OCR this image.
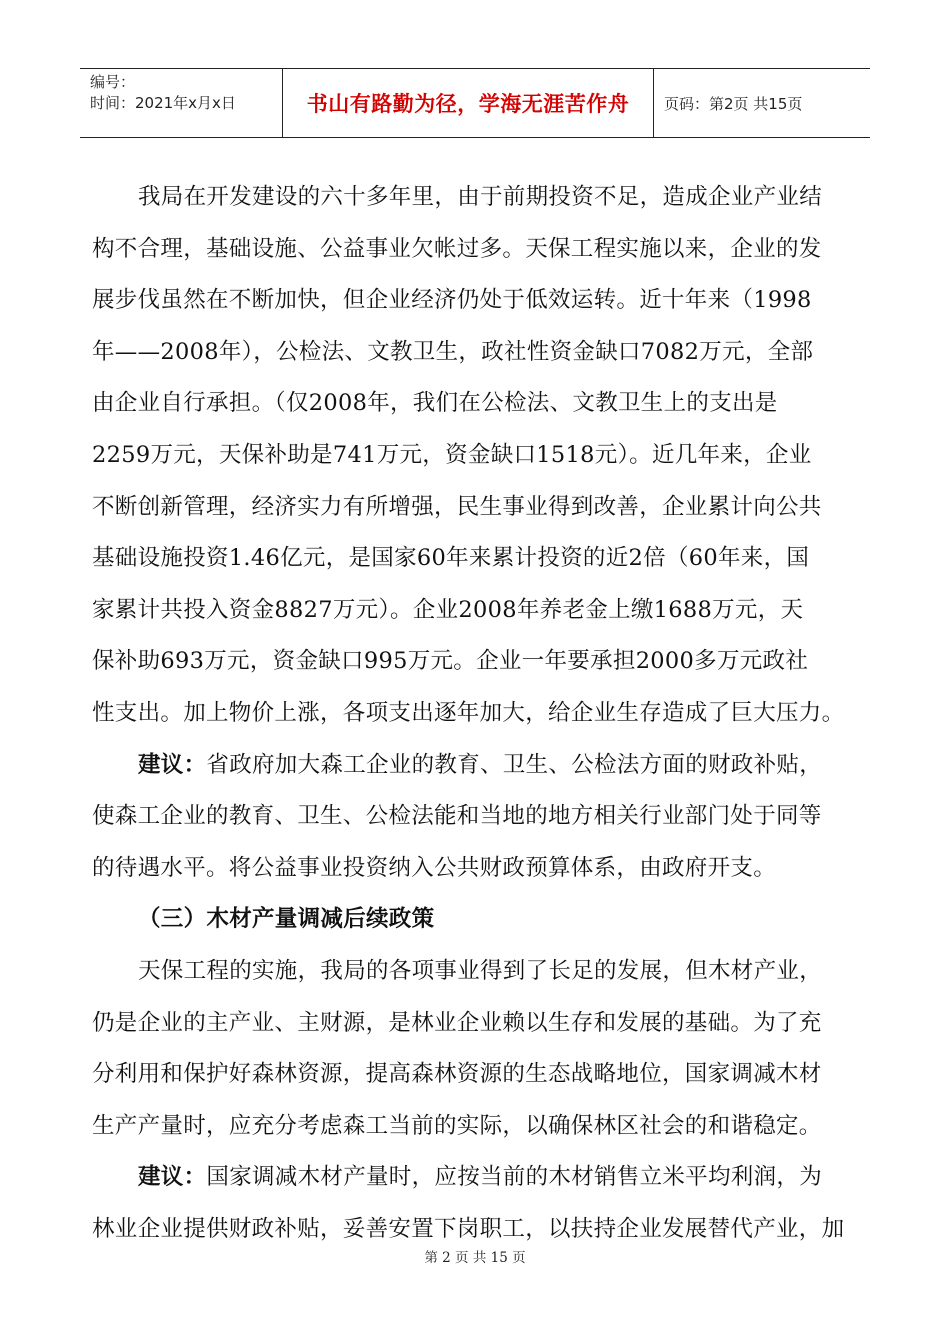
编号：
时间：2021年x月x日	书山有路勤为径，学海无涯苦作舟	页码：第2页 共15页
我局在开发建设的六十多年里，由于前期投资不足，造成企业产业结
构不合理，基础设施、公益事业欠帐过多。天保工程实施以来，企业的发
展步伐虽然在不断加快，但企业经济仍处于低效运转。近十年来（1998
年——2008年），公检法、文教卫生，政社性资金缺口7082万元，全部
由企业自行承担。（仅2008年，我们在公检法、文教卫生上的支出是
2259万元，天保补助是741万元，资金缺口1518元）。近几年来，企业
不断创新管理，经济实力有所增强，民生事业得到改善，企业累计向公共
基础设施投资1.46亿元，是国家60年来累计投资的近2倍（60年来，国
家累计共投入资金8827万元）。企业2008年养老金上缴1688万元，天
保补助693万元，资金缺口995万元。企业一年要承担2000多万元政社
性支出。加上物价上涨，各项支出逐年加大，给企业生存造成了巨大压力。
建议：省政府加大森工企业的教育、卫生、公检法方面的财政补贴，
使森工企业的教育、卫生、公检法能和当地的地方相关行业部门处于同等
的待遇水平。将公益事业投资纳入公共财政预算体系，由政府开支。
（三）木材产量调减后续政策
天保工程的实施，我局的各项事业得到了长足的发展，但木材产业，
仍是企业的主产业、主财源，是林业企业赖以生存和发展的基础。为了充
分利用和保护好森林资源，提高森林资源的生态战略地位，国家调减木材
生产产量时，应充分考虑森工当前的实际，以确保林区社会的和谐稳定。
建议：国家调减木材产量时，应按当前的木材销售立米平均利润，为
林业企业提供财政补贴，妥善安置下岗职工，以扶持企业发展替代产业，加
第 2 页 共 15 页
